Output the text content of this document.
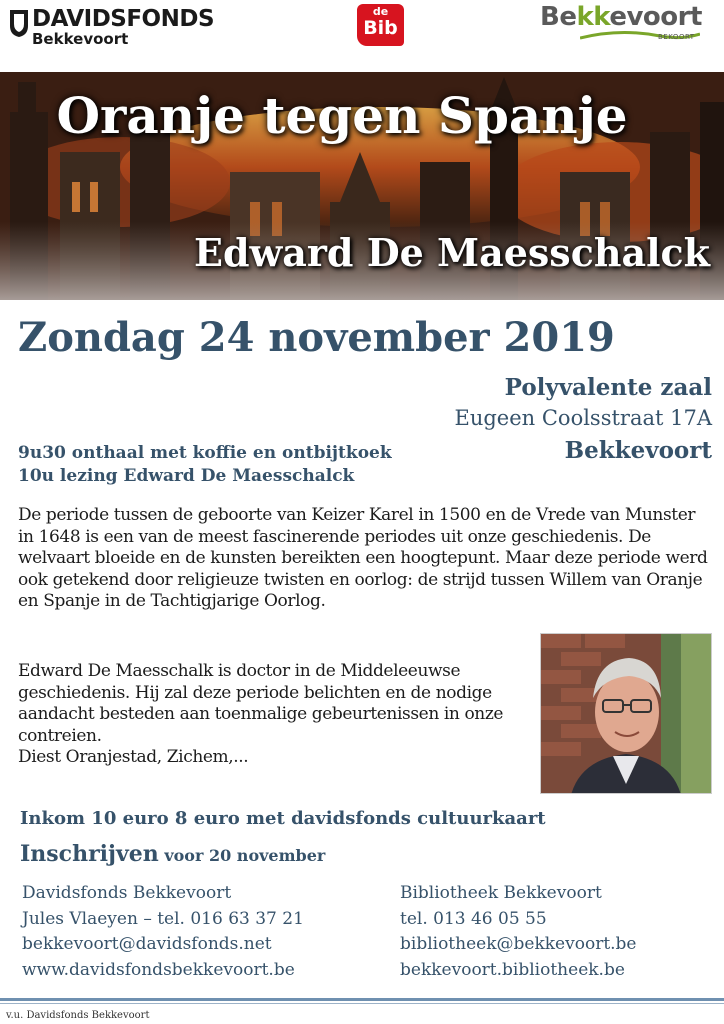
DAVIDSFONDS
Bekkevoort
de
Bib	Bekkevoort
BEKOORT
Oranje tegen Spanje
Edward De Maesschalck
Zondag 24 november 2019
Polyvalente zaal
Eugeen Coolsstraat 17A
Bekkevoort
9u30 onthaal met koffie en ontbijtkoek
10u lezing Edward De Maesschalck

De periode tussen de geboorte van Keizer Karel in 1500 en de Vrede van Munster in 1648 is een van de meest fascinerende periodes uit onze geschiedenis. De welvaart bloeide en de kunsten bereikten een hoogtepunt. Maar deze periode werd ook getekend door religieuze twisten en oorlog: de strijd tussen Willem van Oranje en Spanje in de Tachtigjarige Oorlog.

Edward De Maesschalk is doctor in de Middeleeuwse geschiedenis. Hij zal deze periode belichten en de nodige aandacht besteden aan toenmalige gebeurtenissen in onze contreien.
Diest Oranjestad, Zichem,...
Inkom 10 euro 8 euro met davidsfonds cultuurkaart
Inschrijven voor 20 november
Davidsfonds Bekkevoort
Jules Vlaeyen – tel. 016 63 37 21
bekkevoort@davidsfonds.net
www.davidsfondsbekkevoort.be
Bibliotheek Bekkevoort
tel. 013 46 05 55
bibliotheek@bekkevoort.be
bekkevoort.bibliotheek.be
v.u. Davidsfonds Bekkevoort
